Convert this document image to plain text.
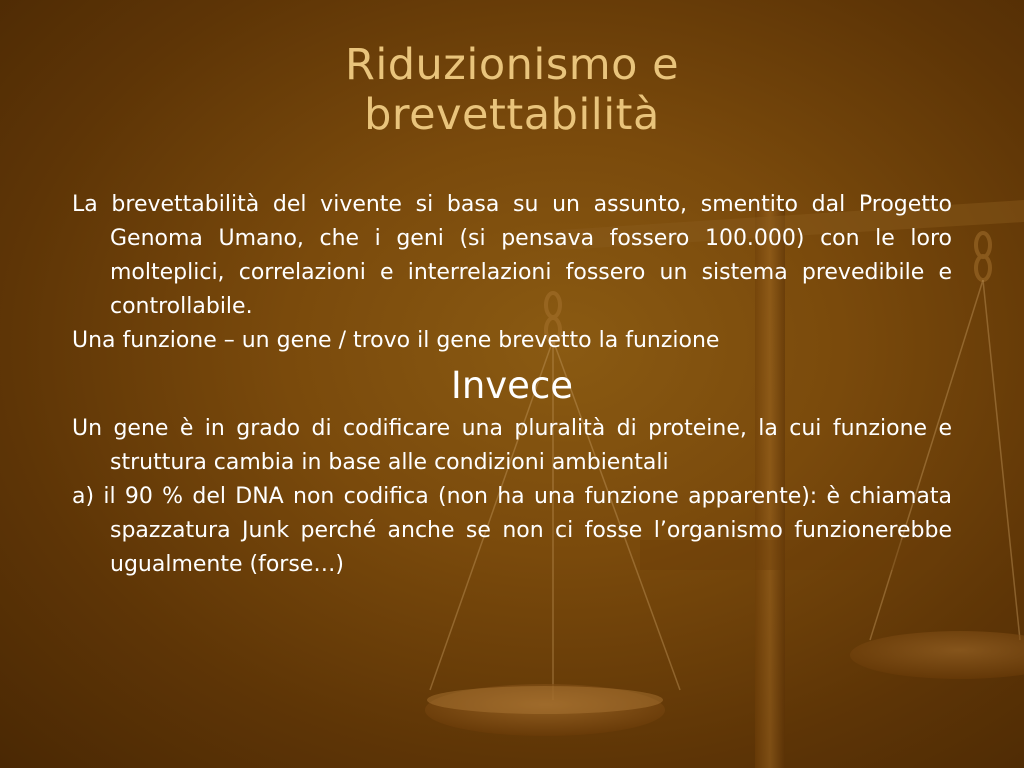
Riduzionismo e
brevettabilità

La brevettabilità del vivente si basa su un assunto, smentito dal Progetto Genoma Umano, che i geni (si pensava fossero 100.000) con le loro molteplici, correlazioni e interrelazioni fossero un sistema prevedibile e controllabile.

Una funzione – un gene / trovo il gene brevetto la funzione

Invece

Un gene è in grado di codificare una pluralità di proteine, la cui funzione e struttura cambia in base alle condizioni ambientali

a) il 90 % del DNA non codifica (non ha una funzione apparente): è chiamata spazzatura Junk perché anche se non ci fosse l’organismo funzionerebbe ugualmente (forse…)
